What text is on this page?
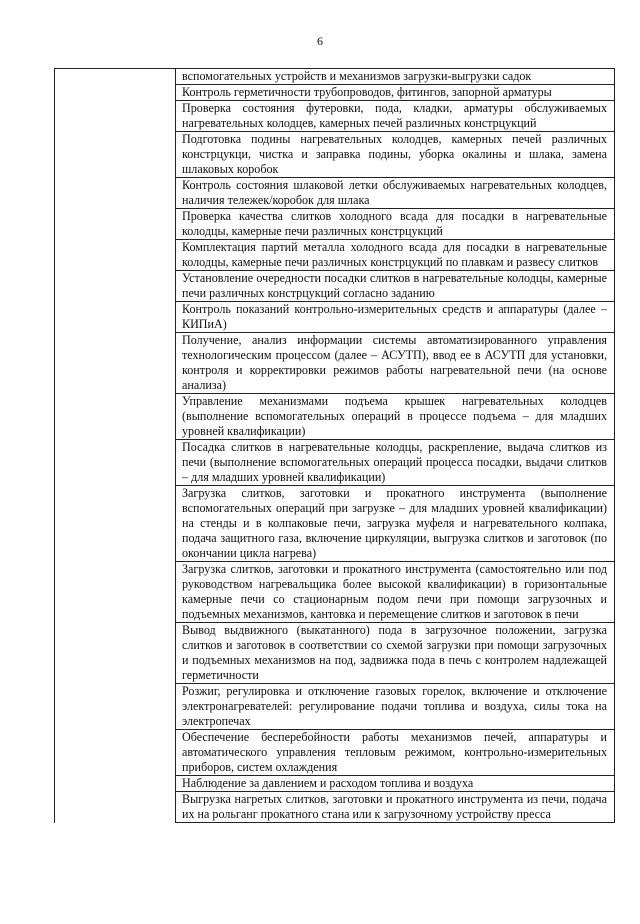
6
вспомогательных устройств и механизмов загрузки-выгрузки садок
Контроль герметичности трубопроводов, фитингов, запорной арматуры
Проверка состояния футеровки, пода, кладки, арматуры обслуживаемых нагревательных колодцев, камерных печей различных констрцукций
Подготовка подины нагревательных колодцев, камерных печей различных констрцукци, чистка и заправка подины, уборка окалины и шлака, замена шлаковых коробок
Контроль состояния шлаковой летки обслуживаемых нагревательных колодцев, наличия тележек/коробок для шлака
Проверка качества слитков холодного всада для посадки в нагревательные колодцы, камерные печи различных констрцукций
Комплектация партий металла холодного всада для посадки в нагревательные колодцы, камерные печи различных констрцукций по плавкам и развесу слитков
Установление очередности посадки слитков в нагревательные колодцы, камерные печи различных констрцукций согласно заданию
Контроль показаний контрольно-измерительных средств и аппаратуры (далее – КИПиА)
Получение, анализ информации системы автоматизированного управления технологическим процессом (далее – АСУТП), ввод ее в АСУТП для установки, контроля и корректировки режимов работы нагревательной печи (на основе анализа)
Управление механизмами подъема крышек нагревательных колодцев (выполнение вспомогательных операций в процессе подъема – для младших уровней квалификации)
Посадка слитков в нагревательные колодцы, раскрепление, выдача слитков из печи (выполнение вспомогательных операций процесса посадки, выдачи слитков – для младших уровней квалификации)
Загрузка слитков, заготовки и прокатного инструмента (выполнение вспомогательных операций при загрузке – для младших уровней квалификации) на стенды и в колпаковые печи, загрузка муфеля и нагревательного колпака, подача защитного газа, включение циркуляции, выгрузка слитков и заготовок (по окончании цикла нагрева)
Загрузка слитков, заготовки и прокатного инструмента (самостоятельно или под руководством нагревальщика более высокой квалификации) в горизонтальные камерные печи со стационарным подом печи при помощи загрузочных и подъемных механизмов, кантовка и перемещение слитков и заготовок в печи
Вывод выдвижного (выкатанного) пода в загрузочное положении, загрузка слитков и заготовок в соответствии со схемой загрузки при помощи загрузочных и подъемных механизмов на под, задвижка пода в печь с контролем надлежащей герметичности
Розжиг, регулировка и отключение газовых горелок, включение и отключение электронагревателей: регулирование подачи топлива и воздуха, силы тока на электропечах
Обеспечение бесперебойности работы механизмов печей, аппаратуры и автоматического управления тепловым режимом, контрольно-измерительных приборов, систем охлаждения
Наблюдение за давлением и расходом топлива и воздуха
Выгрузка нагретых слитков, заготовки и прокатного инструмента из печи, подача их на рольганг прокатного стана или к загрузочному устройству пресса
